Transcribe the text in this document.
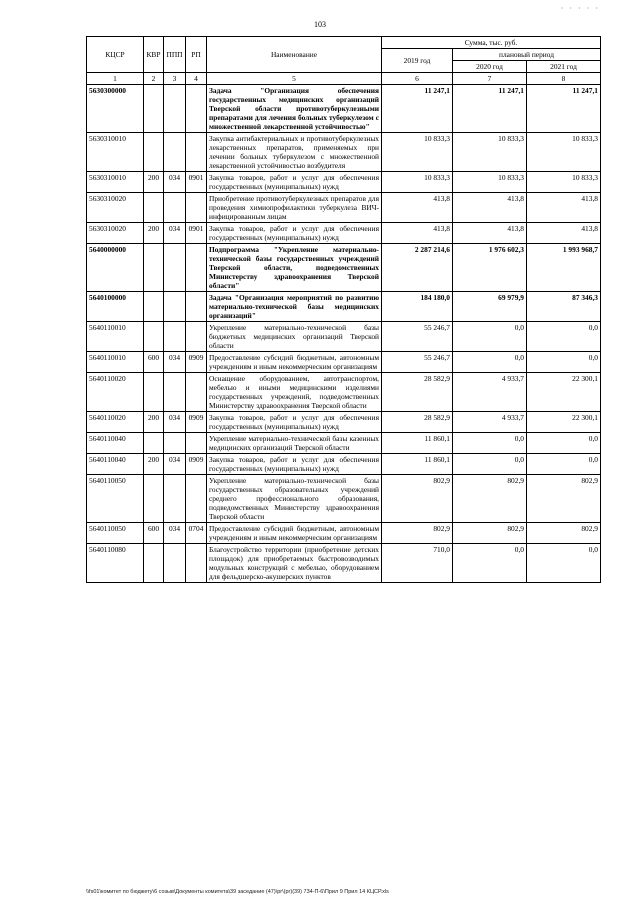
· · · · ·
103
КЦСР	КВР	ППП	РП	Наименование	Сумма, тыс. руб.		
					2019 год	плановый период	
						2020 год	2021 год
1	2	3	4	5	6	7	8
5630300000				Задача "Организация обеспечения государственных медицинских организаций Тверской области противотуберкулезными препаратами для лечения больных туберкулезом с множественной лекарственной устойчивостью"	11 247,1	11 247,1	11 247,1
5630310010				Закупка антибактериальных и противотуберкулезных лекарственных препаратов, применяемых при лечении больных туберкулезом с множественной лекарственной устойчивостью возбудителя	10 833,3	10 833,3	10 833,3
5630310010	200	034	0901	Закупка товаров, работ и услуг для обеспечения государственных (муниципальных) нужд	10 833,3	10 833,3	10 833,3
5630310020				Приобретение противотуберкулезных препаратов для проведения химиопрофилактики туберкулеза ВИЧ-инфицированным лицам	413,8	413,8	413,8
5630310020	200	034	0901	Закупка товаров, работ и услуг для обеспечения государственных (муниципальных) нужд	413,8	413,8	413,8
5640000000				Подпрограмма "Укрепление материально-технической базы государственных учреждений Тверской области, подведомственных Министерству здравоохранения Тверской области"	2 287 214,6	1 976 602,3	1 993 968,7
5640100000				Задача "Организация мероприятий по развитию материально-технической базы медицинских организаций"	184 180,0	69 979,9	87 346,3
5640110010				Укрепление материально-технической базы бюджетных медицинских организаций Тверской области	55 246,7	0,0	0,0
5640110010	600	034	0909	Предоставление субсидий бюджетным, автономным учреждениям и иным некоммерческим организациям	55 246,7	0,0	0,0
5640110020				Оснащение оборудованием, автотранспортом, мебелью и иными медицинскими изделиями государственных учреждений, подведомственных Министерству здравоохранения Тверской области	28 582,9	4 933,7	22 300,1
5640110020	200	034	0909	Закупка товаров, работ и услуг для обеспечения государственных (муниципальных) нужд	28 582,9	4 933,7	22 300,1
5640110040				Укрепление материально-технической базы казенных медицинских организаций Тверской области	11 860,1	0,0	0,0
5640110040	200	034	0909	Закупка товаров, работ и услуг для обеспечения государственных (муниципальных) нужд	11 860,1	0,0	0,0
5640110050				Укрепление материально-технической базы государственных образовательных учреждений среднего профессионального образования, подведомственных Министерству здравоохранения Тверской области	802,9	802,9	802,9
5640110050	600	034	0704	Предоставление субсидий бюджетным, автономным учреждениям и иным некоммерческим организациям	802,9	802,9	802,9
5640110080				Благоустройство территории (приобретение детских площадок) для приобретаемых быстровозводимых модульных конструкций с мебелью, оборудованием для фельдшерско-акушерских пунктов	710,0	0,0	0,0
\\fs01\комитет по бюджету\6 созыв\Документы комитета\39 заседание (47)\pr\(pr)(39) 734-П-6\Прил 9 Прил 14 КЦСР.xls
